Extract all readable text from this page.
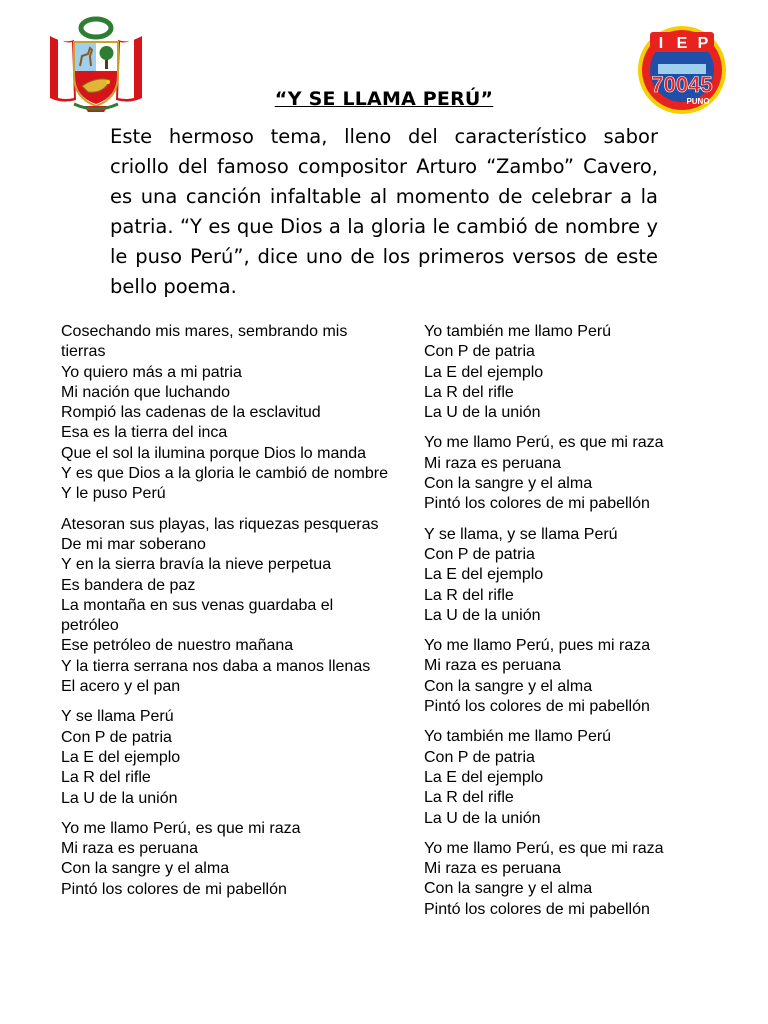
I E P
70045
PUNO
“Y SE LLAMA PERÚ”

Este hermoso tema, lleno del característico sabor criollo del famoso compositor Arturo “Zambo” Cavero, es una canción infaltable al momento de celebrar a la patria. “Y es que Dios a la gloria le cambió de nombre y le puso Perú”, dice uno de los primeros versos de este bello poema.

Cosechando mis mares, sembrando mis tierras
Yo quiero más a mi patria
Mi nación que luchando
Rompió las cadenas de la esclavitud
Esa es la tierra del inca
Que el sol la ilumina porque Dios lo manda
Y es que Dios a la gloria le cambió de nombre
Y le puso Perú
Atesoran sus playas, las riquezas pesqueras
De mi mar soberano
Y en la sierra bravía la nieve perpetua
Es bandera de paz
La montaña en sus venas guardaba el petróleo
Ese petróleo de nuestro mañana
Y la tierra serrana nos daba a manos llenas
El acero y el pan
Y se llama Perú
Con P de patria
La E del ejemplo
La R del rifle
La U de la unión
Yo me llamo Perú, es que mi raza
Mi raza es peruana
Con la sangre y el alma
Pintó los colores de mi pabellón
Yo también me llamo Perú
Con P de patria
La E del ejemplo
La R del rifle
La U de la unión
Yo me llamo Perú, es que mi raza
Mi raza es peruana
Con la sangre y el alma
Pintó los colores de mi pabellón
Y se llama, y se llama Perú
Con P de patria
La E del ejemplo
La R del rifle
La U de la unión
Yo me llamo Perú, pues mi raza
Mi raza es peruana
Con la sangre y el alma
Pintó los colores de mi pabellón
Yo también me llamo Perú
Con P de patria
La E del ejemplo
La R del rifle
La U de la unión
Yo me llamo Perú, es que mi raza
Mi raza es peruana
Con la sangre y el alma
Pintó los colores de mi pabellón
